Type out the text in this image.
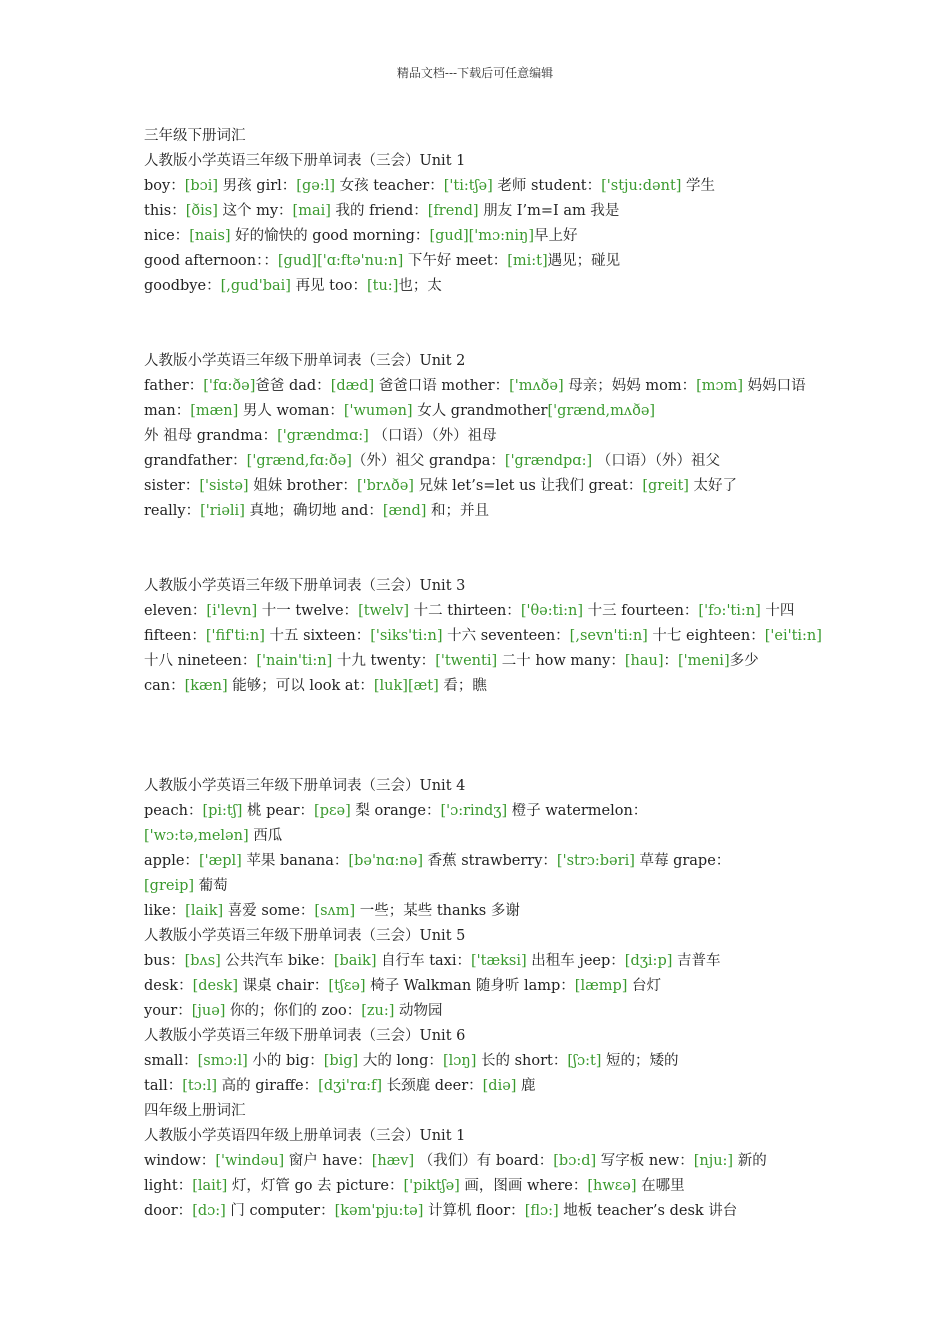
精品文档---下载后可任意编辑
三年级下册词汇
人教版小学英语三年级下册单词表（三会）Unit 1
boy：[bɔi] 男孩 girl：[gə:l] 女孩 teacher：['ti:tʃə] 老师 student：['stju:dənt] 学生
this：[ðis] 这个 my：[mai] 我的 friend：[frend] 朋友 I’m=I am 我是
nice：[nais] 好的愉快的 good morning：[gud]['mɔ:niŋ]早上好
good afternoon：：[gud]['ɑ:ftə'nu:n] 下午好 meet：[mi:t]遇见；碰见
goodbye：[,gud'bai] 再见 too：[tu:]也；太
人教版小学英语三年级下册单词表（三会）Unit 2
father：['fɑ:ðə]爸爸 dad：[dæd] 爸爸口语 mother：['mʌðə] 母亲；妈妈 mom：[mɔm] 妈妈口语
man：[mæn] 男人 woman：['wumən] 女人 grandmother['grænd,mʌðə]
外 祖母 grandma：['grændmɑ:] （口语）（外）祖母
grandfather：['grænd,fɑ:ðə]（外）祖父 grandpa：['grændpɑ:] （口语）（外）祖父
sister：['sistə] 姐妹 brother：['brʌðə] 兄妹 let’s=let us 让我们 great：[greit] 太好了
really：['riəli] 真地；确切地 and：[ænd] 和；并且
人教版小学英语三年级下册单词表（三会）Unit 3
eleven：[i'levn] 十一 twelve：[twelv] 十二 thirteen：['θə:ti:n] 十三 fourteen：['fɔ:'ti:n] 十四
fifteen：['fif'ti:n] 十五 sixteen：['siks'ti:n] 十六 seventeen：[,sevn'ti:n] 十七 eighteen：['ei'ti:n]
十八 nineteen：['nain'ti:n] 十九 twenty：['twenti] 二十 how many：[hau]：['meni]多少
can：[kæn] 能够；可以 look at：[luk][æt] 看；瞧
人教版小学英语三年级下册单词表（三会）Unit 4
peach：[pi:tʃ] 桃 pear：[pɛə] 梨 orange：['ɔ:rindʒ] 橙子 watermelon：
['wɔ:tə,melən] 西瓜
apple：['æpl] 苹果 banana：[bə'nɑ:nə] 香蕉 strawberry：['strɔ:bəri] 草莓 grape：
[greip] 葡萄
like：[laik] 喜爱 some：[sʌm] 一些；某些 thanks 多谢
人教版小学英语三年级下册单词表（三会）Unit 5
bus：[bʌs] 公共汽车 bike：[baik] 自行车 taxi：['tæksi] 出租车 jeep：[dʒi:p] 吉普车
desk：[desk] 课桌 chair：[tʃɛə] 椅子 Walkman 随身听 lamp：[læmp] 台灯
your：[juə] 你的；你们的 zoo：[zu:] 动物园
人教版小学英语三年级下册单词表（三会）Unit 6
small：[smɔ:l] 小的 big：[big] 大的 long：[lɔŋ] 长的 short：[ʃɔ:t] 短的；矮的
tall：[tɔ:l] 高的 giraffe：[dʒi'rɑ:f] 长颈鹿 deer：[diə] 鹿
四年级上册词汇
人教版小学英语四年级上册单词表（三会）Unit 1
window：['windəu] 窗户 have：[hæv] （我们）有 board：[bɔ:d] 写字板 new：[nju:] 新的
light：[lait] 灯，灯管 go 去 picture：['piktʃə] 画，图画 where：[hwɛə] 在哪里
door：[dɔ:] 门 computer：[kəm'pju:tə] 计算机 floor：[flɔ:] 地板 teacher’s desk 讲台
